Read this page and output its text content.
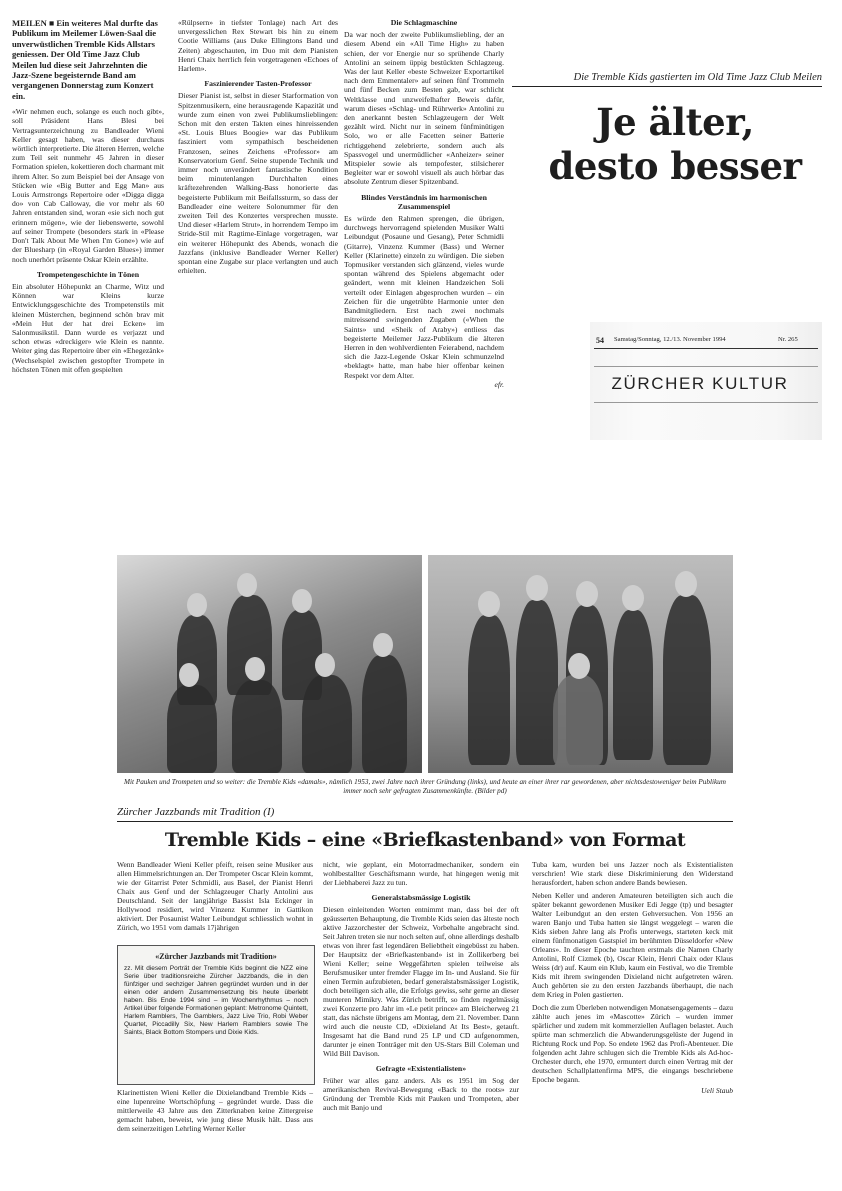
MEILEN ■ Ein weiteres Mal durfte das Publikum im Meilemer Löwen-Saal die unverwüstlichen Tremble Kids Allstars geniessen. Der Old Time Jazz Club Meilen lud diese seit Jahrzehnten die Jazz-Szene begeisternde Band am vergangenen Donnerstag zum Konzert ein.

«Wir nehmen euch, solange es euch noch gibt», soll Präsident Hans Blesi bei Vertragsunterzeichnung zu Bandleader Wieni Keller gesagt haben, was dieser durchaus wörtlich interpretierte. Die älteren Herren, welche zum Teil seit nunmehr 45 Jahren in dieser Formation spielen, kokettieren doch charmant mit ihrem Alter. So zum Beispiel bei der Ansage von Stücken wie «Big Butter and Egg Man» aus Louis Armstrongs Repertoire oder «Digga digga do» von Cab Calloway, die vor mehr als 60 Jahren entstanden sind, woran «sie sich noch gut erinnern mögen», wie der liebenswerte, sowohl auf seiner Trompete (besonders stark in «Please Don't Talk About Me When I'm Gone») wie auf der Bluesharp (in «Royal Garden Blues») immer noch unerhört präsente Oskar Klein erzählte.

Trompetengeschichte in Tönen

Ein absoluter Höhepunkt an Charme, Witz und Können war Kleins kurze Entwicklungsgeschichte des Trompetenstils mit kleinen Müsterchen, beginnend schön brav mit «Mein Hut der hat drei Ecken» im Salonmusikstil. Dann wurde es verjazzt und schon etwas «dreckiger» wie Klein es nannte. Weiter ging das Repertoire über ein «Ehegezänk» (Wechselspiel zwischen gestopfter Trompete in höchsten Tönen mit offen gespielten

«Rülpsern» in tiefster Tonlage) nach Art des unvergesslichen Rex Stewart bis hin zu einem Cootie Williams (aus Duke Ellingtons Band und Zeiten) abgeschauten, im Duo mit dem Pianisten Henri Chaix herrlich fein vorgetragenen «Echoes of Harlem».

Faszinierender Tasten-Professor

Dieser Pianist ist, selbst in dieser Starformation von Spitzenmusikern, eine herausragende Kapazität und wurde zum einen von zwei Publikumslieblingen: Schon mit den ersten Takten eines hinreissenden «St. Louis Blues Boogie» war das Publikum fasziniert vom sympathisch bescheidenen Franzosen, seines Zeichens «Professor» am Konservatorium Genf. Seine stupende Technik und immer noch unverändert fantastische Kondition beim minutenlangen Durchhalten eines kräftezehrenden Walking-Bass honorierte das begeisterte Publikum mit Beifallssturm, so dass der Bandleader eine weitere Solonummer für den zweiten Teil des Konzertes versprechen musste. Und dieser «Harlem Strut», in horrendem Tempo im Stride-Stil mit Ragtime-Einlage vorgetragen, war ein weiterer Höhepunkt des Abends, wonach die Jazzfans (inklusive Bandleader Werner Keller) spontan eine Zugabe sur place verlangten und auch erhielten.

Die Schlagmaschine

Da war noch der zweite Publikumsliebling, der an diesem Abend ein «All Time High» zu haben schien, der vor Energie nur so sprühende Charly Antolini an seinem üppig bestückten Schlagzeug. Was der laut Keller «beste Schweizer Exportartikel nach dem Emmentaler» auf seinen fünf Trommeln und fünf Becken zum Besten gab, war schlicht Weltklasse und unzweifelhafter Beweis dafür, warum dieses «Schlag- und Rührwerk» Antolini zu den anerkannt besten Schlagzeugern der Welt gezählt wird. Nicht nur in seinem fünfminütigen Solo, wo er alle Facetten seiner Batterie richtiggehend zelebrierte, sondern auch als Spassvogel und unermüdlicher «Anheizer» seiner Mitspieler sowie als tempofester, stilsicherer Begleiter war er sowohl visuell als auch hörbar das absolute Zentrum dieser Spitzenband.

Blindes Verständnis im harmonischen Zusammenspiel

Es würde den Rahmen sprengen, die übrigen, durchwegs hervorragend spielenden Musiker Walti Leibundgut (Posaune und Gesang), Peter Schmidli (Gitarre), Vinzenz Kummer (Bass) und Werner Keller (Klarinette) einzeln zu würdigen. Die sieben Topmusiker verstanden sich glänzend, vieles wurde spontan während des Spielens abgemacht oder geändert, wenn mit kleinen Handzeichen Soli verteilt oder Einlagen abgesprochen wurden – ein Zeichen für die ungetrübte Harmonie unter den Bandmitgliedern. Erst nach zwei nochmals mitreissend swingenden Zugaben («When the Saints» und «Sheik of Araby») entliess das begeisterte Meilemer Jazz-Publikum die älteren Herren in den wohlverdienten Feierabend, nachdem sich die Jazz-Legende Oskar Klein schmunzelnd «beklagt» hatte, man habe hier offenbar keinen Respekt vor dem Alter.

efr.

Die Tremble Kids gastierten im Old Time Jazz Club Meilen
Je älter, desto besser
54 Samstag/Sonntag, 12./13. November 1994	Nr. 265
ZÜRCHER KULTUR
Mit Pauken und Trompeten und so weiter: die Tremble Kids «damals», nämlich 1953, zwei Jahre nach ihrer Gründung (links), und heute an einer ihrer rar gewordenen, aber nichtsdestoweniger beim Publikum immer noch sehr gefragten Zusammenkünfte. (Bilder pd)
Zürcher Jazzbands mit Tradition (I)
Tremble Kids – eine «Briefkastenband» von Format

Wenn Bandleader Wieni Keller pfeift, reisen seine Musiker aus allen Himmelsrichtungen an. Der Trompeter Oscar Klein kommt, wie der Gitarrist Peter Schmidli, aus Basel, der Pianist Henri Chaix aus Genf und der Schlagzeuger Charly Antolini aus Deutschland. Seit der langjährige Bassist Isla Eckinger in Hollywood residiert, wird Vinzenz Kummer in Gattikon aktiviert. Der Posaunist Walter Leibundgut schliesslich wohnt in Zürich, wo 1951 vom damals 17jährigen

«Zürcher Jazzbands mit Tradition»
zz. Mit diesem Porträt der Tremble Kids beginnt die NZZ eine Serie über traditionsreiche Zürcher Jazzbands, die in den fünfziger und sechziger Jahren gegründet wurden und in der einen oder andern Zusammensetzung bis heute überlebt haben. Bis Ende 1994 sind – im Wochenrhythmus – noch Artikel über folgende Formationen geplant: Metronome Quintett, Harlem Ramblers, The Gamblers, Jazz Live Trio, Robi Weber Quartet, Piccadilly Six, New Harlem Ramblers sowie The Saints, Black Bottom Stompers und Dixie Kids.

Klarinettisten Wieni Keller die Dixielandband Tremble Kids – eine lupenreine Wortschöpfung – gegründet wurde. Dass die mittlerweile 43 Jahre aus den Zitterknaben keine Zittergreise gemacht haben, beweist, wie jung diese Musik hält. Dass aus dem seinerzeitigen Lehrling Werner Keller

nicht, wie geplant, ein Motorradmechaniker, sondern ein wohlbestallter Geschäftsmann wurde, hat hingegen wenig mit der Liebhaberei Jazz zu tun.

Generalstabsmässige Logistik

Diesen einleitenden Worten entnimmt man, dass bei der oft geäusserten Behauptung, die Tremble Kids seien das älteste noch aktive Jazzorchester der Schweiz, Vorbehalte angebracht sind. Seit Jahren treten sie nur noch selten auf, ohne allerdings deshalb etwas von ihrer fast legendären Beliebtheit eingebüsst zu haben. Der Hauptsitz der «Briefkastenband» ist in Zollikerberg bei Wieni Keller; seine Weggefährten spielen teilweise als Berufsmusiker unter fremder Flagge im In- und Ausland. Sie für einen Termin aufzubieten, bedarf generalstabsmässiger Logistik, doch beteiligen sich alle, die Erfolgs gewiss, sehr gerne an dieser munteren Mimikry. Was Zürich betrifft, so finden regelmässig zwei Konzerte pro Jahr im «Le petit prince» am Bleicherweg 21 statt, das nächste übrigens am Montag, dem 21. November. Dann wird auch die neuste CD, «Dixieland At Its Best», getauft. Insgesamt hat die Band rund 25 LP und CD aufgenommen, darunter je einen Tonträger mit den US-Stars Bill Coleman und Wild Bill Davison.

Gefragte «Existentialisten»

Früher war alles ganz anders. Als es 1951 im Sog der amerikanischen Revival-Bewegung «Back to the roots» zur Gründung der Tremble Kids mit Pauken und Trompeten, aber auch mit Banjo und

Tuba kam, wurden bei uns Jazzer noch als Existentialisten verschrien! Wie stark diese Diskriminierung den Widerstand herausfordert, haben schon andere Bands bewiesen.

Neben Keller und anderen Amateuren beteiligten sich auch die später bekannt gewordenen Musiker Edi Jegge (tp) und besagter Walter Leibundgut an den ersten Gehversuchen. Von 1956 an waren Banjo und Tuba hatten sie längst weggelegt – waren die Kids sieben Jahre lang als Profis unterwegs, starteten keck mit einem fünfmonatigen Gastspiel im berühmten Düsseldorfer «New Orleans». In dieser Epoche tauchten erstmals die Namen Charly Antolini, Rolf Cizmek (b), Oscar Klein, Henri Chaix oder Klaus Weiss (dr) auf. Kaum ein Klub, kaum ein Festival, wo die Tremble Kids mit ihrem swingenden Dixieland nicht aufgetreten wären. Auch gehörten sie zu den ersten Jazzbands überhaupt, die nach dem Krieg in Polen gastierten.

Doch die zum Überleben notwendigen Monatsengagements – dazu zählte auch jenes im «Mascotte» Zürich – wurden immer spärlicher und zudem mit kommerziellen Auflagen belastet. Auch spürte man schmerzlich die Abwanderungsgelüste der Jugend in Richtung Rock und Pop. So endete 1962 das Profi-Abenteuer. Die folgenden acht Jahre schlugen sich die Tremble Kids als Ad-hoc-Orchester durch, ehe 1970, ermuntert durch einen Vertrag mit der deutschen Schallplattenfirma MPS, die eingangs beschriebene Epoche begann.

Ueli Staub
